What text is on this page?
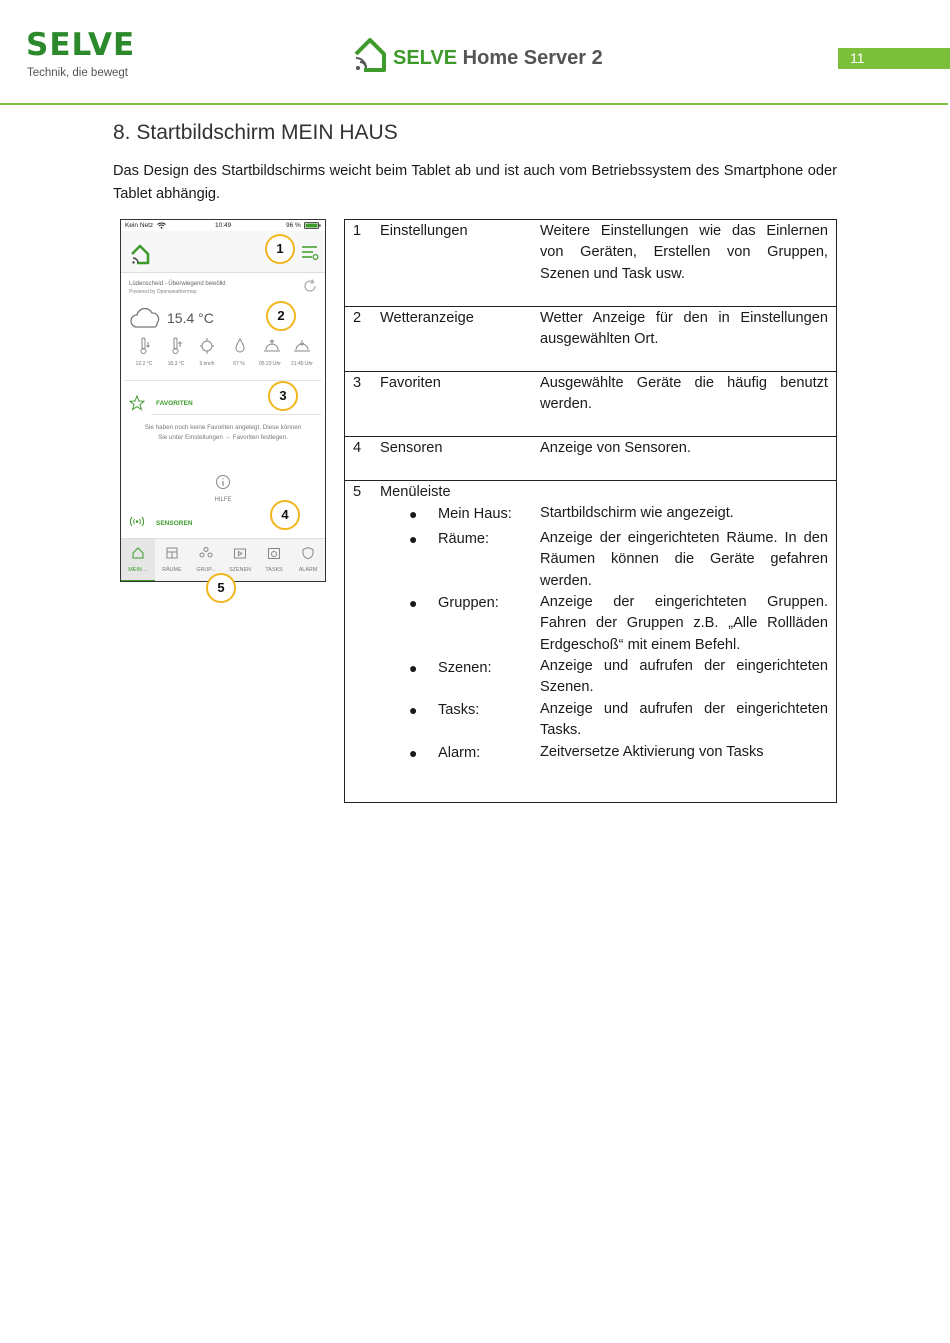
SELVE
Technik, die bewegt
SELVE Home Server 2	11
8. Startbildschirm MEIN HAUS
Das Design des Startbildschirms weicht beim Tablet ab und ist auch vom Betriebssystem des Smartphone oder Tablet abhängig.
Kein Netz	10:49	96 %
Lüdenscheid - Überwiegend bewölkt
Powered by Openweathermap
15.4 °C
12.2 °C	18.3 °C	9 km/h	67 %	05:23 Uhr	21:45 Uhr
FAVORITEN
Sie haben noch keine Favoriten angelegt. Diese können Sie unter Einstellungen → Favoriten festlegen.
HILFE
SENSOREN
MEIN ...	RÄUME	GRUP...	SZENEN	TASKS	ALARM
1
2
3
4
5
1 Einstellungen	Weitere Einstellungen wie das Einlernen von Geräten, Erstellen von Gruppen, Szenen und Task usw.
2 Wetteranzeige	Wetter Anzeige für den in Einstellungen ausgewählten Ort.
3 Favoriten	Ausgewählte Geräte die häufig benutzt werden.
4 Sensoren	Anzeige von Sensoren.
5 Menüleiste
● Mein Haus: Startbildschirm wie angezeigt.
● Räume:	Anzeige der eingerichteten Räume. In den Räumen können die Geräte gefahren werden.
● Gruppen:	Anzeige der eingerichteten Gruppen. Fahren der Gruppen z.B. „Alle Rollläden Erdgeschoß“ mit einem Befehl.
● Szenen:	Anzeige und aufrufen der eingerichteten Szenen.
● Tasks:	Anzeige und aufrufen der eingerichteten Tasks.
● Alarm:	Zeitversetze Aktivierung von Tasks
